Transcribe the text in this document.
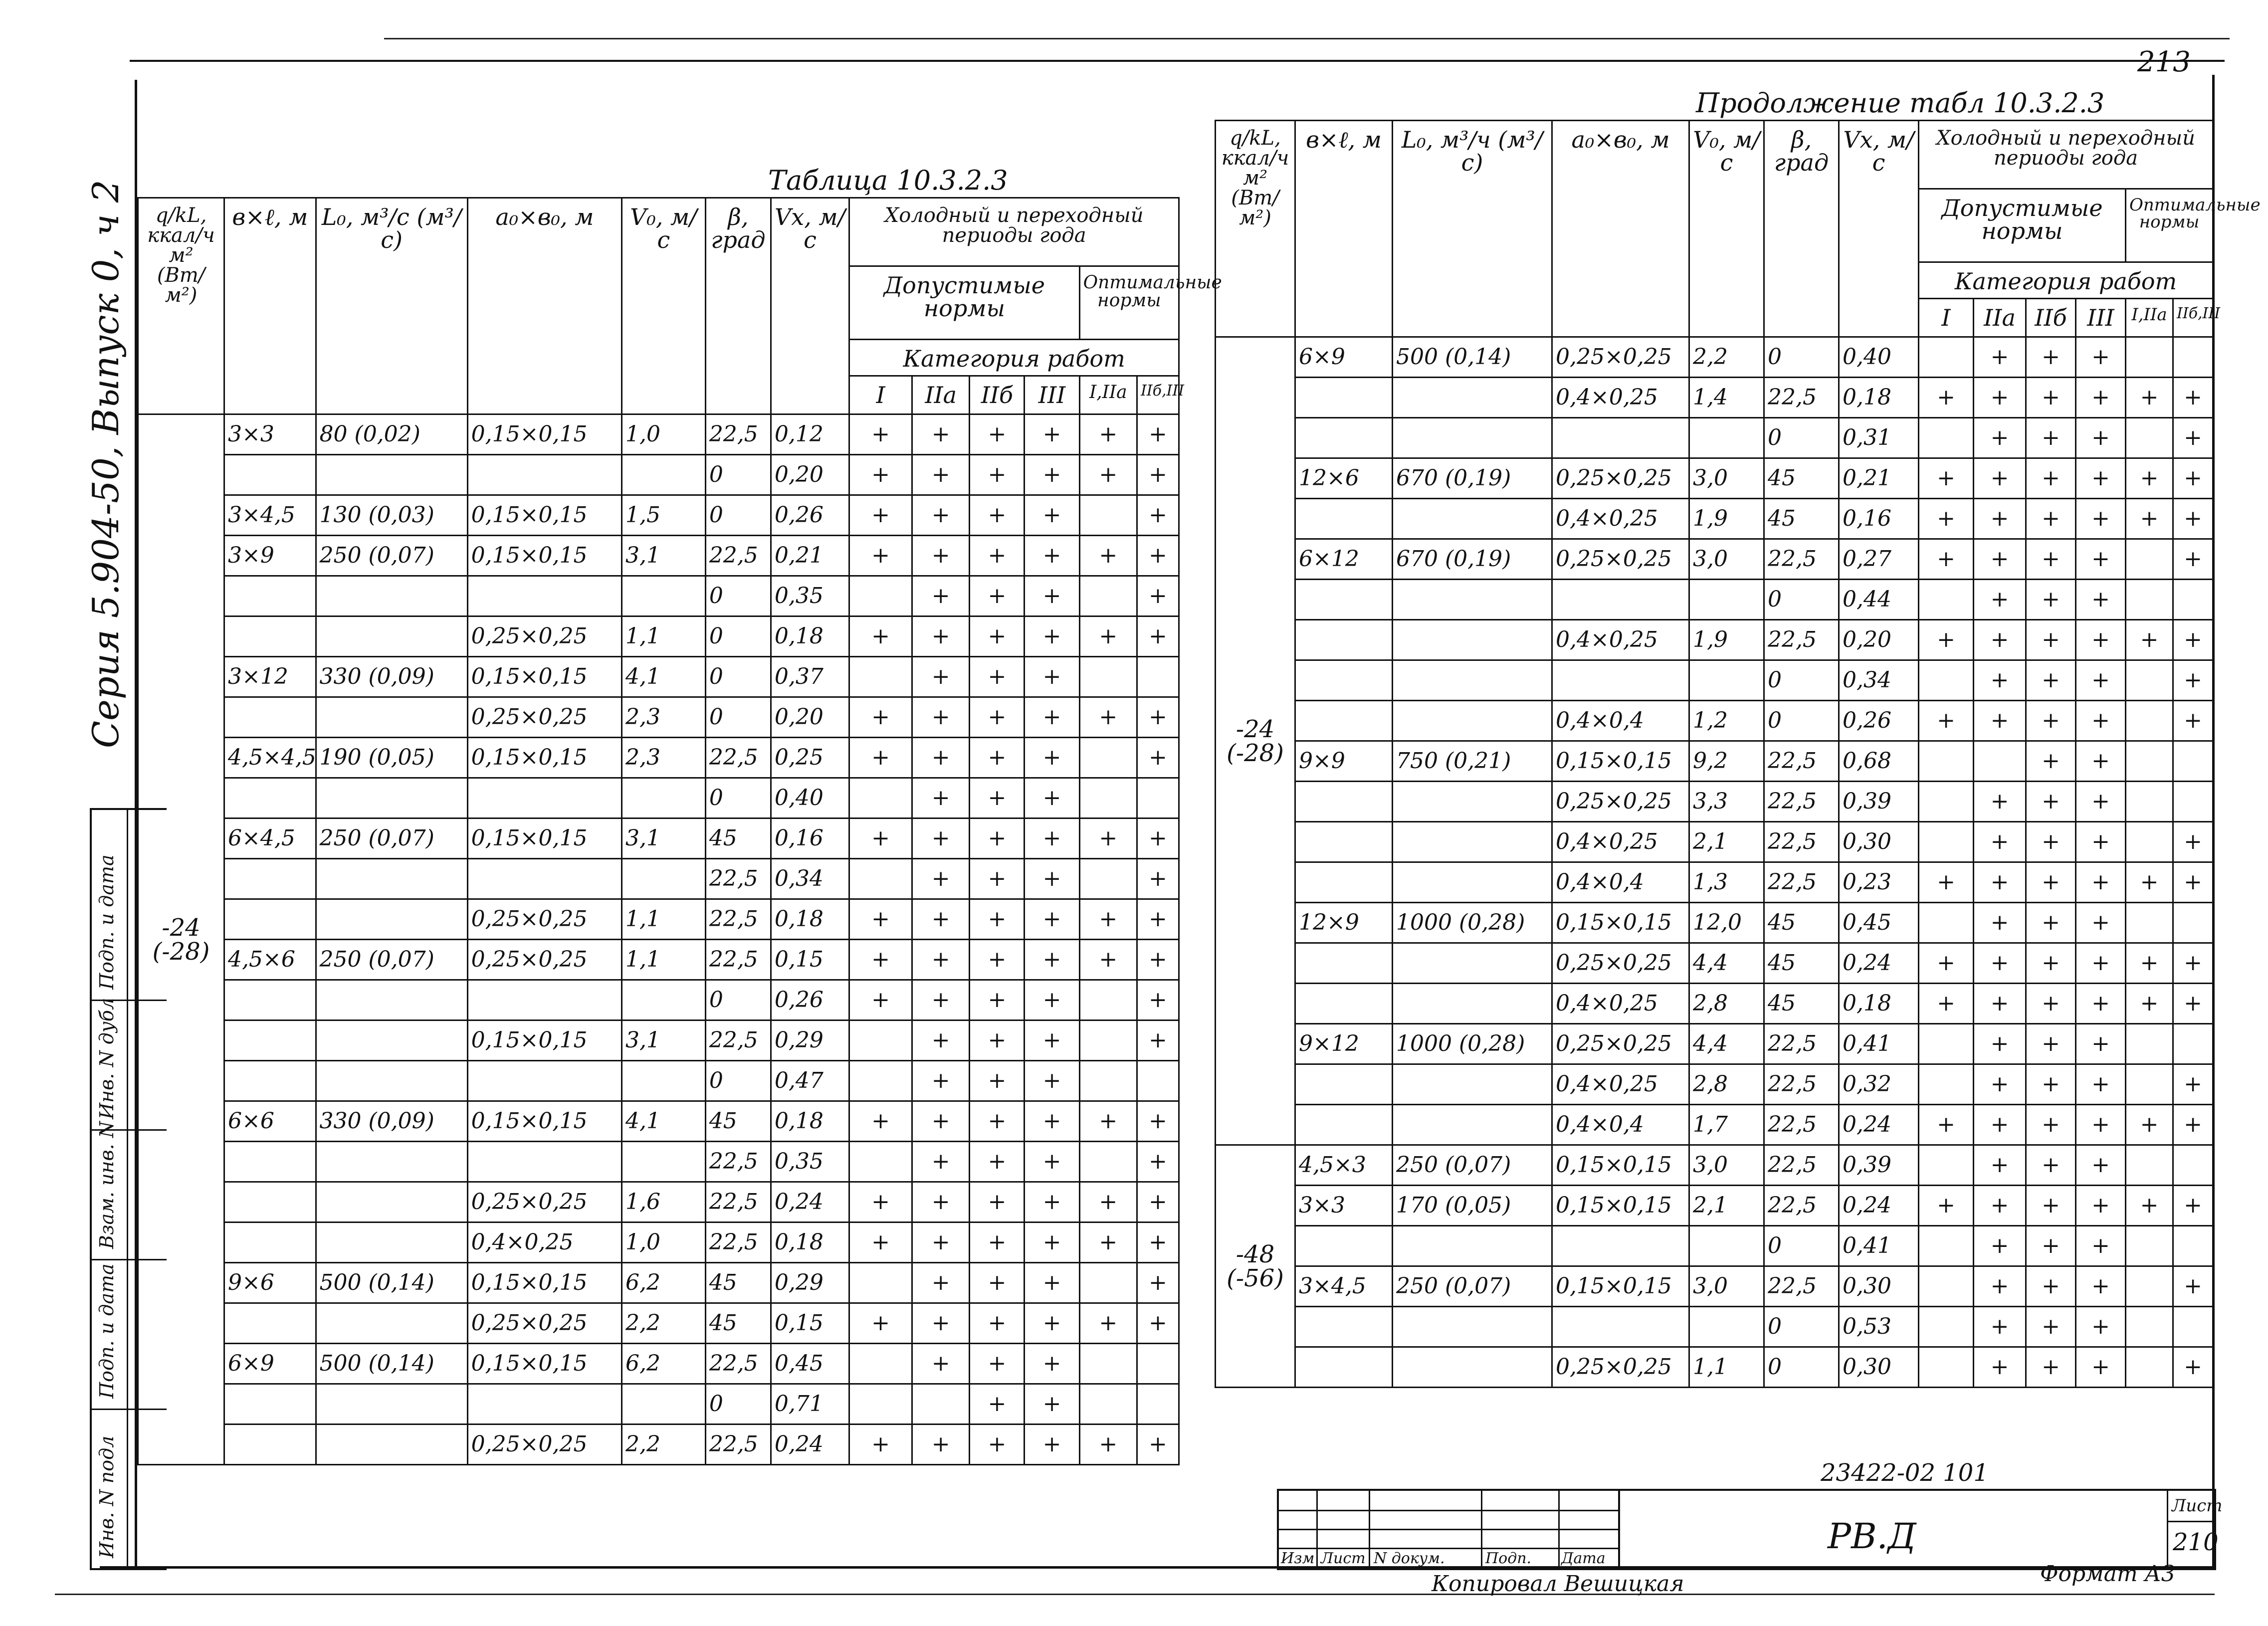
213
Серия 5.904-50, Выпуск 0, ч 2
Инв. N подл
Подп. и дата
Взам. инв. N
Инв. N дубл
Подп. и дата
Таблица 10.3.2.3
Продолжение табл 10.3.2.3
q/kL, ккал/ч м² (Вт/м²)	в×ℓ, м	L₀, м³/с (м³/с)	a₀×в₀, м	V₀, м/с	β, град	Vx, м/с	Холодный и переходный периоды года					
							Допустимые нормы				Оптимальные нормы	
							Категория работ					
							I	IIa	IIб	III	I,IIa	IIб,III
-24 (-28)	3×3	80 (0,02)	0,15×0,15	1,0	22,5	0,12	+	+	+	+	+	+
					0	0,20	+	+	+	+	+	+
	3×4,5	130 (0,03)	0,15×0,15	1,5	0	0,26	+	+	+	+		+
	3×9	250 (0,07)	0,15×0,15	3,1	22,5	0,21	+	+	+	+	+	+
					0	0,35		+	+	+		+
			0,25×0,25	1,1	0	0,18	+	+	+	+	+	+
	3×12	330 (0,09)	0,15×0,15	4,1	0	0,37		+	+	+		
			0,25×0,25	2,3	0	0,20	+	+	+	+	+	+
	4,5×4,5	190 (0,05)	0,15×0,15	2,3	22,5	0,25	+	+	+	+		+
					0	0,40		+	+	+		
	6×4,5	250 (0,07)	0,15×0,15	3,1	45	0,16	+	+	+	+	+	+
					22,5	0,34		+	+	+		+
			0,25×0,25	1,1	22,5	0,18	+	+	+	+	+	+
	4,5×6	250 (0,07)	0,25×0,25	1,1	22,5	0,15	+	+	+	+	+	+
					0	0,26	+	+	+	+		+
			0,15×0,15	3,1	22,5	0,29		+	+	+		+
					0	0,47		+	+	+		
	6×6	330 (0,09)	0,15×0,15	4,1	45	0,18	+	+	+	+	+	+
					22,5	0,35		+	+	+		+
			0,25×0,25	1,6	22,5	0,24	+	+	+	+	+	+
			0,4×0,25	1,0	22,5	0,18	+	+	+	+	+	+
	9×6	500 (0,14)	0,15×0,15	6,2	45	0,29		+	+	+		+
			0,25×0,25	2,2	45	0,15	+	+	+	+	+	+
	6×9	500 (0,14)	0,15×0,15	6,2	22,5	0,45		+	+	+		
					0	0,71			+	+		
			0,25×0,25	2,2	22,5	0,24	+	+	+	+	+	+
q/kL, ккал/ч м² (Вт/м²)	в×ℓ, м	L₀, м³/ч (м³/с)	a₀×в₀, м	V₀, м/с	β, град	Vx, м/с	Холодный и переходный периоды года					
							Допустимые нормы				Оптимальные нормы	
							Категория работ					
							I	IIa	IIб	III	I,IIa	IIб,III
-24 (-28)	6×9	500 (0,14)	0,25×0,25	2,2	0	0,40		+	+	+		
			0,4×0,25	1,4	22,5	0,18	+	+	+	+	+	+
					0	0,31		+	+	+		+
	12×6	670 (0,19)	0,25×0,25	3,0	45	0,21	+	+	+	+	+	+
			0,4×0,25	1,9	45	0,16	+	+	+	+	+	+
	6×12	670 (0,19)	0,25×0,25	3,0	22,5	0,27	+	+	+	+		+
					0	0,44		+	+	+		
			0,4×0,25	1,9	22,5	0,20	+	+	+	+	+	+
					0	0,34		+	+	+		+
			0,4×0,4	1,2	0	0,26	+	+	+	+		+
	9×9	750 (0,21)	0,15×0,15	9,2	22,5	0,68			+	+		
			0,25×0,25	3,3	22,5	0,39		+	+	+		
			0,4×0,25	2,1	22,5	0,30		+	+	+		+
			0,4×0,4	1,3	22,5	0,23	+	+	+	+	+	+
	12×9	1000 (0,28)	0,15×0,15	12,0	45	0,45		+	+	+		
			0,25×0,25	4,4	45	0,24	+	+	+	+	+	+
			0,4×0,25	2,8	45	0,18	+	+	+	+	+	+
	9×12	1000 (0,28)	0,25×0,25	4,4	22,5	0,41		+	+	+		
			0,4×0,25	2,8	22,5	0,32		+	+	+		+
			0,4×0,4	1,7	22,5	0,24	+	+	+	+	+	+
-48 (-56)	4,5×3	250 (0,07)	0,15×0,15	3,0	22,5	0,39		+	+	+		
	3×3	170 (0,05)	0,15×0,15	2,1	22,5	0,24	+	+	+	+	+	+
					0	0,41		+	+	+		
	3×4,5	250 (0,07)	0,15×0,15	3,0	22,5	0,30		+	+	+		+
					0	0,53		+	+	+		
			0,25×0,25	1,1	0	0,30		+	+	+		+
23422-02 101
Изм Лист N докум.	Подп. Дата
РВ.Д
Лист
210
Копировал Вешицкая	Формат А3
